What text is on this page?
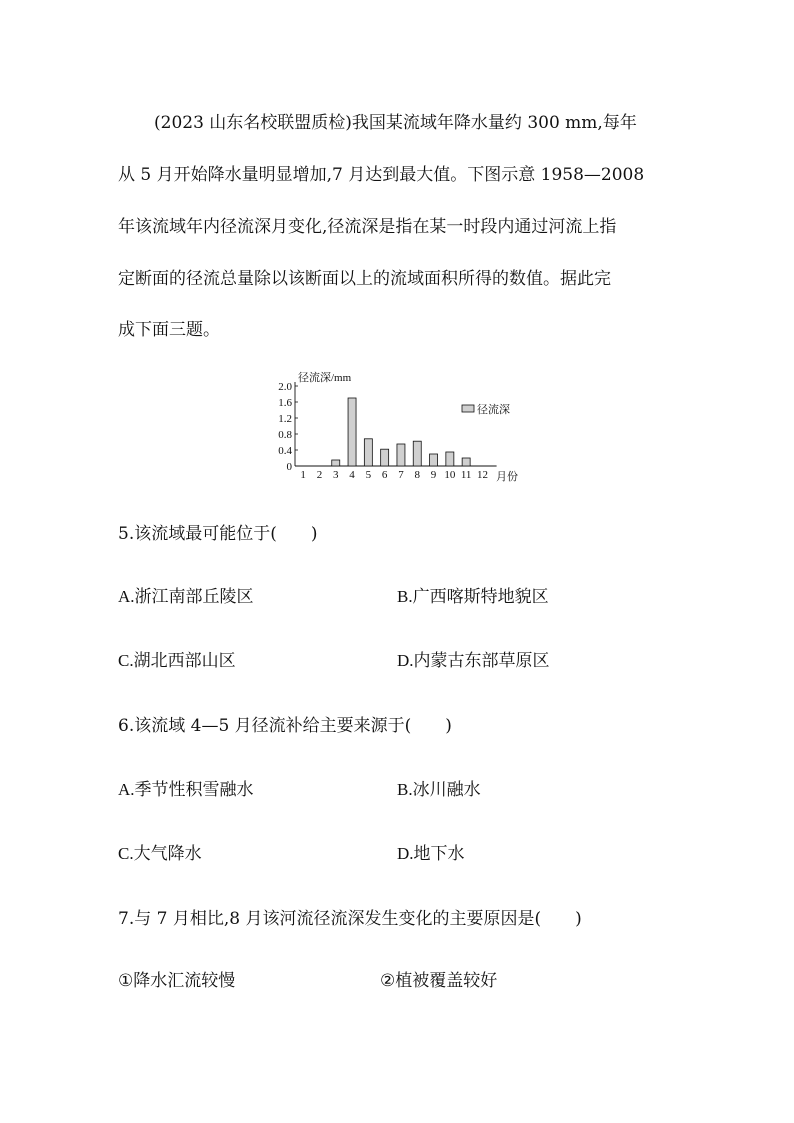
(2023 山东名校联盟质检)我国某流域年降水量约 300 mm,每年
从 5 月开始降水量明显增加,7 月达到最大值。下图示意 1958—2008
年该流域年内径流深月变化,径流深是指在某一时段内通过河流上指
定断面的径流总量除以该断面以上的流域面积所得的数值。据此完
成下面三题。
0
0.4
0.8
1.2
1.6
2.0
1 2 3 4 5 6 7 8 9 10 11 12
径流深/mm
月份
径流深
5.该流域最可能位于(　　)
A.浙江南部丘陵区	B.广西喀斯特地貌区
C.湖北西部山区	D.内蒙古东部草原区
6.该流域 4—5 月径流补给主要来源于(　　)
A.季节性积雪融水	B.冰川融水
C.大气降水	D.地下水
7.与 7 月相比,8 月该河流径流深发生变化的主要原因是(　　)
①降水汇流较慢	②植被覆盖较好
